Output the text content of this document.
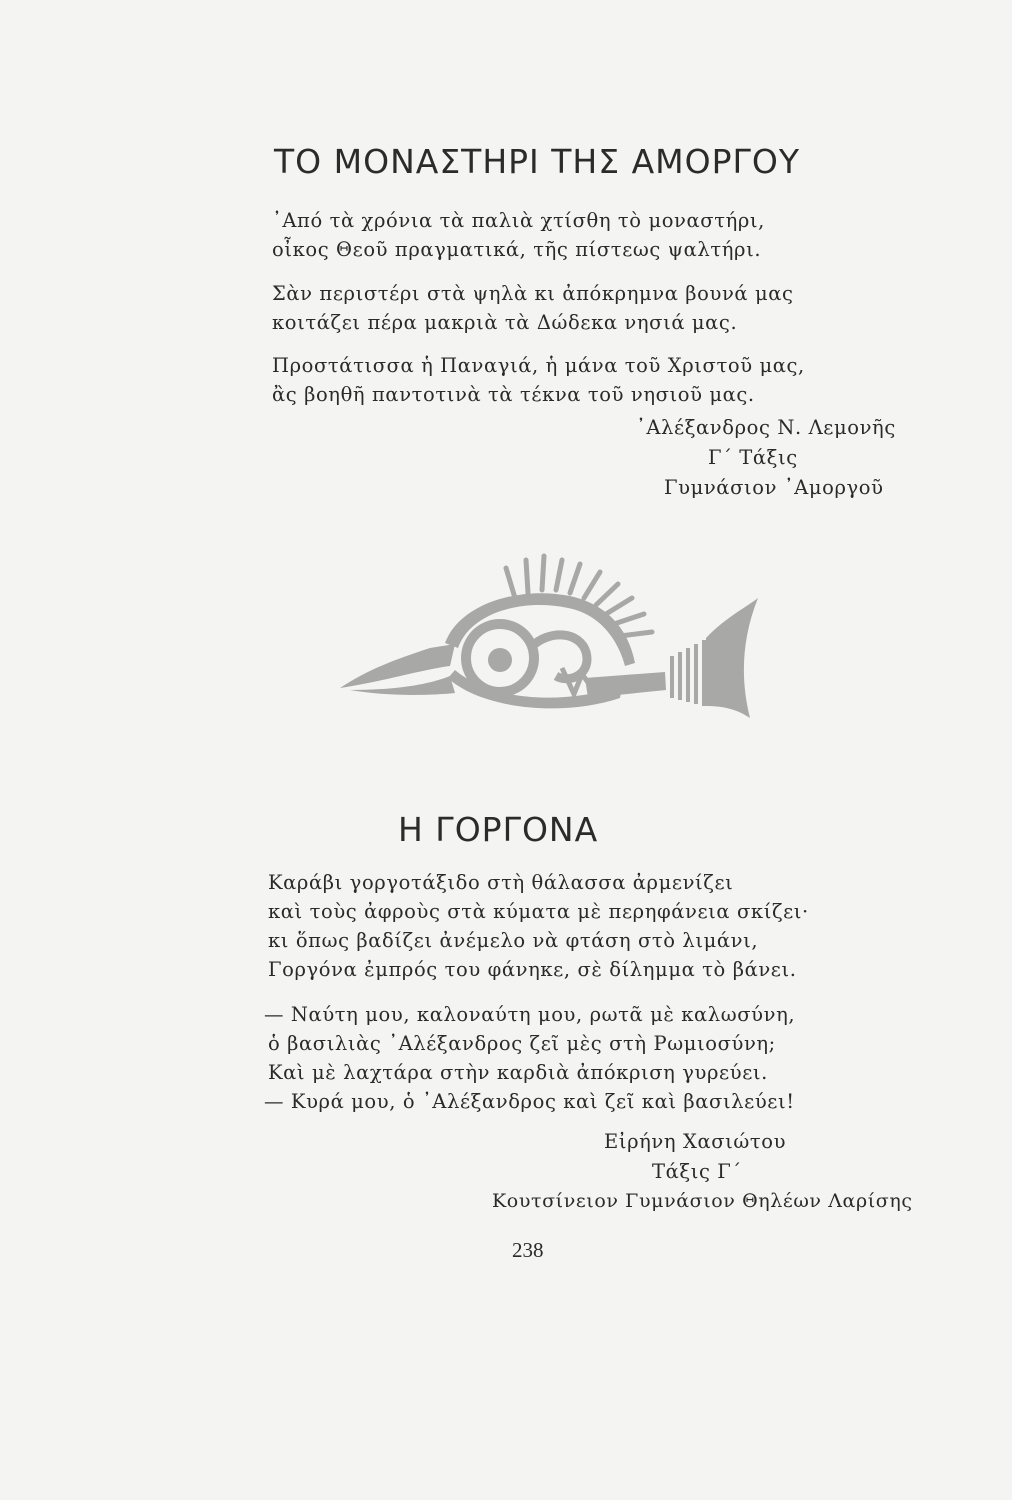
ΤΟ ΜΟΝΑΣΤΗΡΙ ΤΗΣ ΑΜΟΡΓΟΥ
᾿Από τὰ χρόνια τὰ παλιὰ χτίσθη τὸ μοναστήρι,
οἶκος Θεοῦ πραγματικά, τῆς πίστεως ψαλτήρι.
Σὰν περιστέρι στὰ ψηλὰ κι ἀπόκρημνα βουνά μας
κοιτάζει πέρα μακριὰ τὰ Δώδεκα νησιά μας.
Προστάτισσα ἡ Παναγιά, ἡ μάνα τοῦ Χριστοῦ μας,
ἂς βοηθῆ παντοτινὰ τὰ τέκνα τοῦ νησιοῦ μας.
᾿Αλέξανδρος Ν. Λεμονῆς
Γ΄ Τάξις
Γυμνάσιον ᾿Αμοργοῦ
Η ΓΟΡΓΟΝΑ
Καράβι γοργοτάξιδο στὴ θάλασσα ἀρμενίζει
καὶ τοὺς ἀφροὺς στὰ κύματα μὲ περηφάνεια σκίζει·
κι ὅπως βαδίζει ἀνέμελο νὰ φτάση στὸ λιμάνι,
Γοργόνα ἐμπρός του φάνηκε, σὲ δίλημμα τὸ βάνει.
— Ναύτη μου, καλοναύτη μου, ρωτᾶ μὲ καλωσύνη,
ὁ βασιλιὰς ᾿Αλέξανδρος ζεῖ μὲς στὴ Ρωμιοσύνη;
Καὶ μὲ λαχτάρα στὴν καρδιὰ ἀπόκριση γυρεύει.
— Κυρά μου, ὁ ᾿Αλέξανδρος καὶ ζεῖ καὶ βασιλεύει!
Εἰρήνη Χασιώτου
Τάξις Γ΄
Κουτσίνειον Γυμνάσιον Θηλέων Λαρίσης
238
